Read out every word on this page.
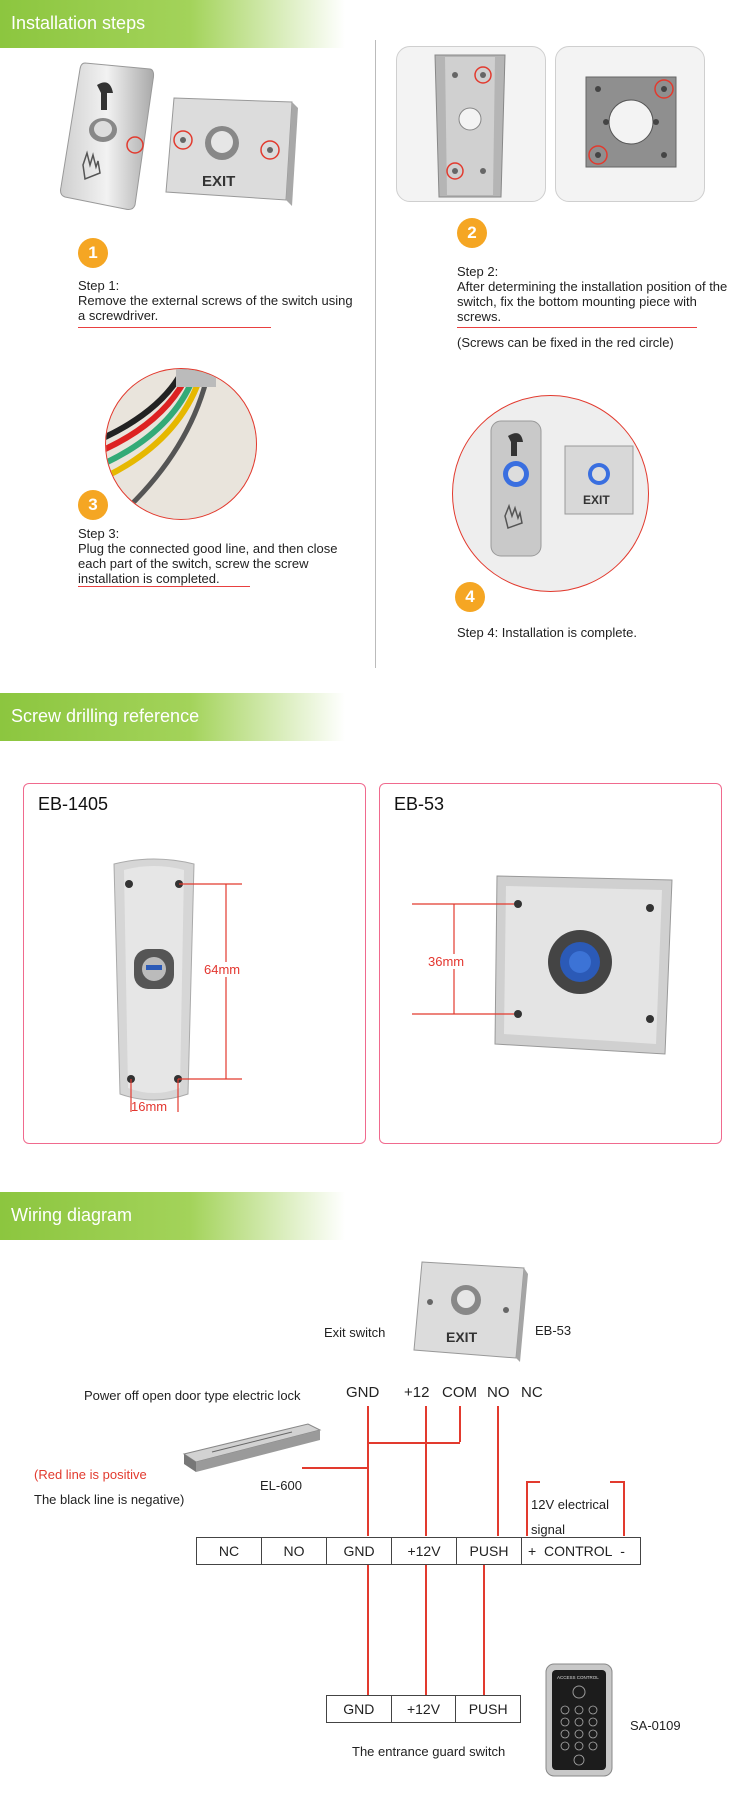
Installation steps
EXIT
1
Step 1:
Remove the external screws of the switch using a screwdriver.
2
Step 2:
After determining the installation position of the switch, fix the bottom mounting piece with screws.
(Screws can be fixed in the red circle)
3
Step 3:
Plug the connected good line, and then close each part of the switch, screw the screw installation is completed.
EXIT
4
Step 4: Installation is complete.
Screw drilling reference
EB-1405
64mm
16mm
EB-53
36mm
Wiring diagram
EXIT
Exit switch	EB-53
Power off open door type electric lock	GND +12 COM NO NC
(Red line is positive
The black line is negative)
EL-600
12V electrical
signal
NC	NO	GND	+12V	PUSH	+ CONTROL -
GND	+12V	PUSH
The entrance guard switch
ACCESS CONTROL
SA-0109
